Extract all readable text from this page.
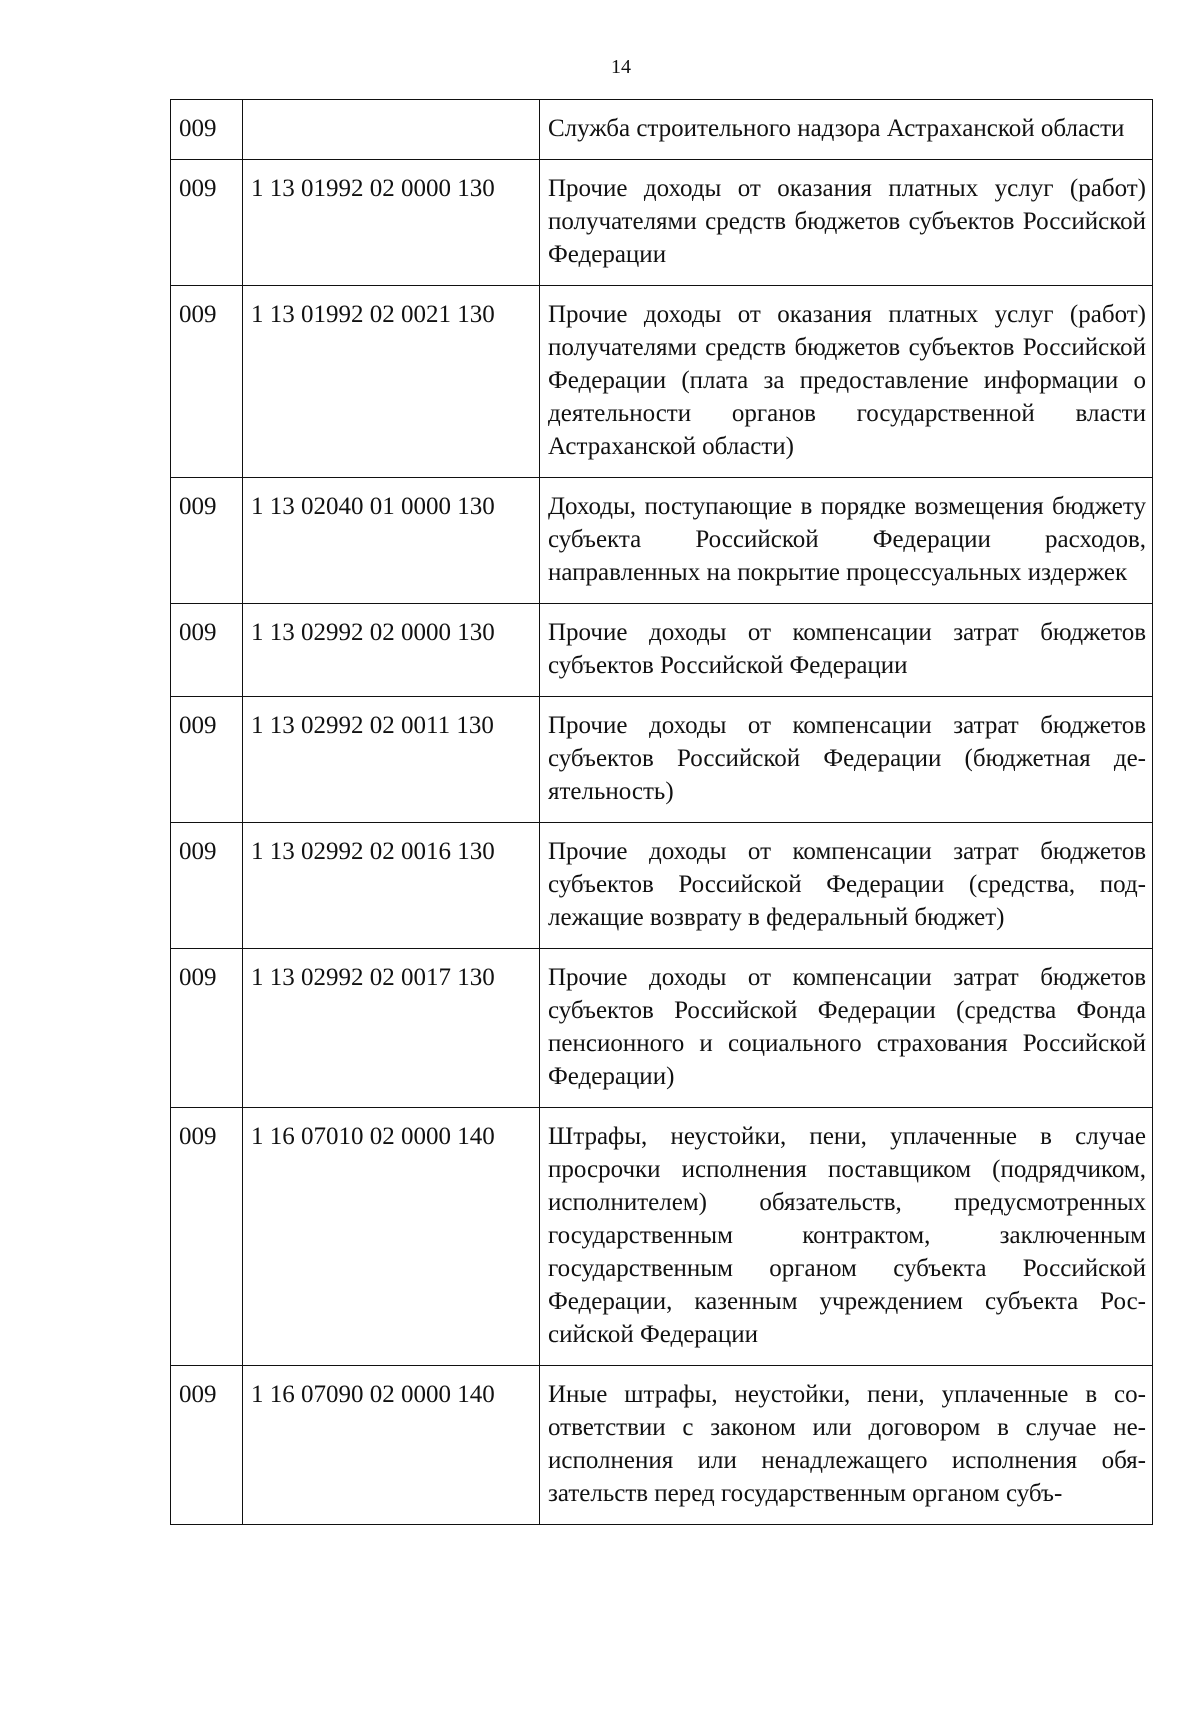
14
009		Служба строительного надзора Астраханской области
009	1 13 01992 02 0000 130	Прочие доходы от оказания платных услуг (работ) получателями средств бюджетов субъектов Российской Федерации
009	1 13 01992 02 0021 130	Прочие доходы от оказания платных услуг (работ) получателями средств бюджетов субъектов Российской Федерации (плата за предоставление информации о деятельности органов государственной власти Астраханской области)
009	1 13 02040 01 0000 130	Доходы, поступающие в порядке возмещения бюджету субъекта Российской Федерации расходов, направленных на покрытие процессуальных издержек
009	1 13 02992 02 0000 130	Прочие доходы от компенсации затрат бюджетов субъектов Российской Федерации
009	1 13 02992 02 0011 130	Прочие доходы от компенсации затрат бюджетов субъектов Российской Федерации (бюджетная деятельность)
009	1 13 02992 02 0016 130	Прочие доходы от компенсации затрат бюджетов субъектов Российской Федерации (средства, подлежащие возврату в федеральный бюджет)
009	1 13 02992 02 0017 130	Прочие доходы от компенсации затрат бюджетов субъектов Российской Федерации (средства Фонда пенсионного и социального страхования Российской Федерации)
009	1 16 07010 02 0000 140	Штрафы, неустойки, пени, уплаченные в случае просрочки исполнения поставщиком (подрядчиком, исполнителем) обязательств, предусмотренных государственным контрактом, заключенным государственным органом субъекта Российской Федерации, казенным учреждением субъекта Российской Федерации
009	1 16 07090 02 0000 140	Иные штрафы, неустойки, пени, уплаченные в соответствии с законом или договором в случае неисполнения или ненадлежащего исполнения обязательств перед государственным органом субъ-
